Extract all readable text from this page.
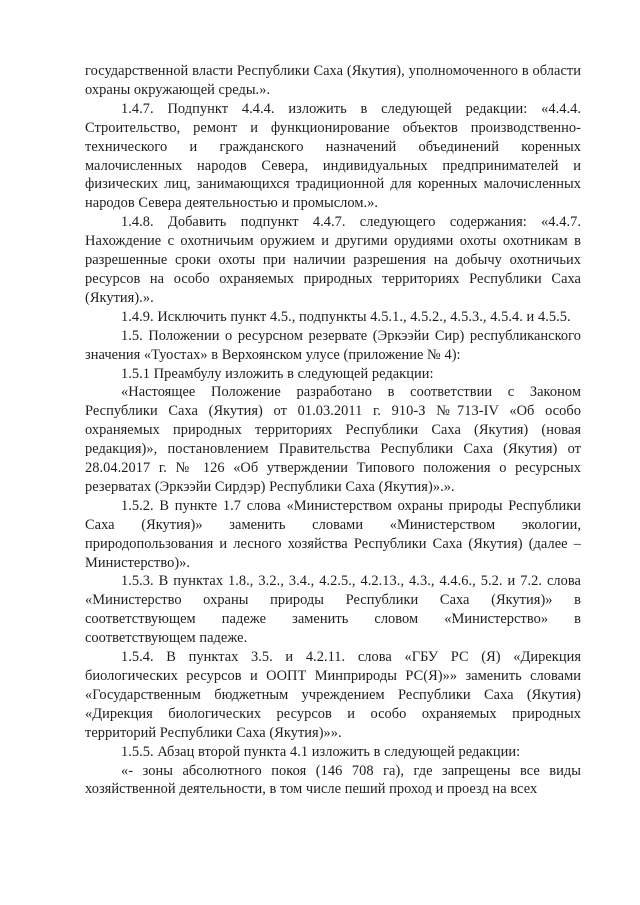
государственной власти Республики Саха (Якутия), уполномоченного в области охраны окружающей среды.».

1.4.7. Подпункт 4.4.4. изложить в следующей редакции: «4.4.4. Строительство, ремонт и функционирование объектов производственно-технического и гражданского назначений объединений коренных малочисленных народов Севера, индивидуальных предпринимателей и физических лиц, занимающихся традиционной для коренных малочисленных народов Севера деятельностью и промыслом.».

1.4.8. Добавить подпункт 4.4.7. следующего содержания: «4.4.7. Нахождение с охотничьим оружием и другими орудиями охоты охотникам в разрешенные сроки охоты при наличии разрешения на добычу охотничьих ресурсов на особо охраняемых природных территориях Республики Саха (Якутия).».

1.4.9. Исключить пункт 4.5., подпункты 4.5.1., 4.5.2., 4.5.3., 4.5.4. и 4.5.5.

1.5. Положении о ресурсном резервате (Эркээйи Сир) республиканского значения «Туостах» в Верхоянском улусе (приложение № 4):

1.5.1 Преамбулу изложить в следующей редакции:

«Настоящее Положение разработано в соответствии с Законом Республики Саха (Якутия) от 01.03.2011 г. 910-З №713-IV «Об особо охраняемых природных территориях Республики Саха (Якутия) (новая редакция)», постановлением Правительства Республики Саха (Якутия) от 28.04.2017 г. № 126 «Об утверждении Типового положения о ресурсных резерватах (Эркээйи Сирдэр) Республики Саха (Якутия)».».

1.5.2. В пункте 1.7 слова «Министерством охраны природы Республики Саха (Якутия)» заменить словами «Министерством экологии, природопользования и лесного хозяйства Республики Саха (Якутия) (далее – Министерство)».

1.5.3. В пунктах 1.8., 3.2., 3.4., 4.2.5., 4.2.13., 4.3., 4.4.6., 5.2. и 7.2. слова «Министерство охраны природы Республики Саха (Якутия)» в соответствующем падеже заменить словом «Министерство» в соответствующем падеже.

1.5.4. В пунктах 3.5. и 4.2.11. слова «ГБУ РС (Я) «Дирекция биологических ресурсов и ООПТ Минприроды РС(Я)»» заменить словами «Государственным бюджетным учреждением Республики Саха (Якутия) «Дирекция биологических ресурсов и особо охраняемых природных территорий Республики Саха (Якутия)»».

1.5.5. Абзац второй пункта 4.1 изложить в следующей редакции:

«- зоны абсолютного покоя (146 708 га), где запрещены все виды хозяйственной деятельности, в том числе пеший проход и проезд на всех
